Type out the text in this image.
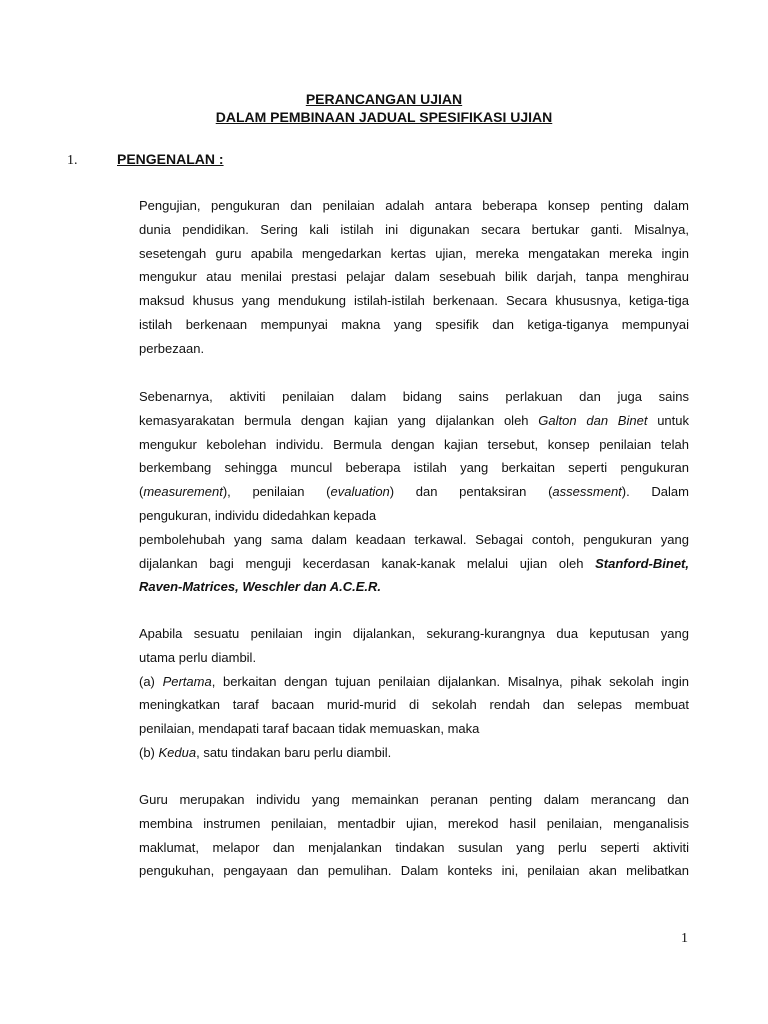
PERANCANGAN UJIAN
DALAM PEMBINAAN JADUAL SPESIFIKASI UJIAN
1.	PENGENALAN :
Pengujian, pengukuran dan penilaian adalah antara beberapa konsep penting dalam
dunia pendidikan. Sering kali istilah ini digunakan secara bertukar ganti. Misalnya,
sesetengah guru apabila mengedarkan kertas ujian, mereka mengatakan mereka ingin
mengukur atau menilai prestasi pelajar dalam sesebuah bilik darjah, tanpa menghirau
maksud khusus yang mendukung istilah-istilah berkenaan. Secara khususnya, ketiga-tiga
istilah berkenaan mempunyai makna yang spesifik dan ketiga-tiganya mempunyai
perbezaan.
Sebenarnya, aktiviti penilaian dalam bidang sains perlakuan dan juga sains
kemasyarakatan bermula dengan kajian yang dijalankan oleh Galton dan Binet untuk
mengukur kebolehan individu. Bermula dengan kajian tersebut, konsep penilaian telah
berkembang sehingga muncul beberapa istilah yang berkaitan seperti pengukuran
(measurement), penilaian (evaluation) dan pentaksiran (assessment). Dalam
pengukuran, individu didedahkan kepada
pembolehubah yang sama dalam keadaan terkawal. Sebagai contoh, pengukuran yang
dijalankan bagi menguji kecerdasan kanak-kanak melalui ujian oleh Stanford-Binet,
Raven-Matrices, Weschler dan A.C.E.R.
Apabila sesuatu penilaian ingin dijalankan, sekurang-kurangnya dua keputusan yang
utama perlu diambil.
(a) Pertama, berkaitan dengan tujuan penilaian dijalankan. Misalnya, pihak sekolah ingin
meningkatkan taraf bacaan murid-murid di sekolah rendah dan selepas membuat
penilaian, mendapati taraf bacaan tidak memuaskan, maka
(b) Kedua, satu tindakan baru perlu diambil.
Guru merupakan individu yang memainkan peranan penting dalam merancang dan
membina instrumen penilaian, mentadbir ujian, merekod hasil penilaian, menganalisis
maklumat, melapor dan menjalankan tindakan susulan yang perlu seperti aktiviti
pengukuhan, pengayaan dan pemulihan. Dalam konteks ini, penilaian akan melibatkan
1
